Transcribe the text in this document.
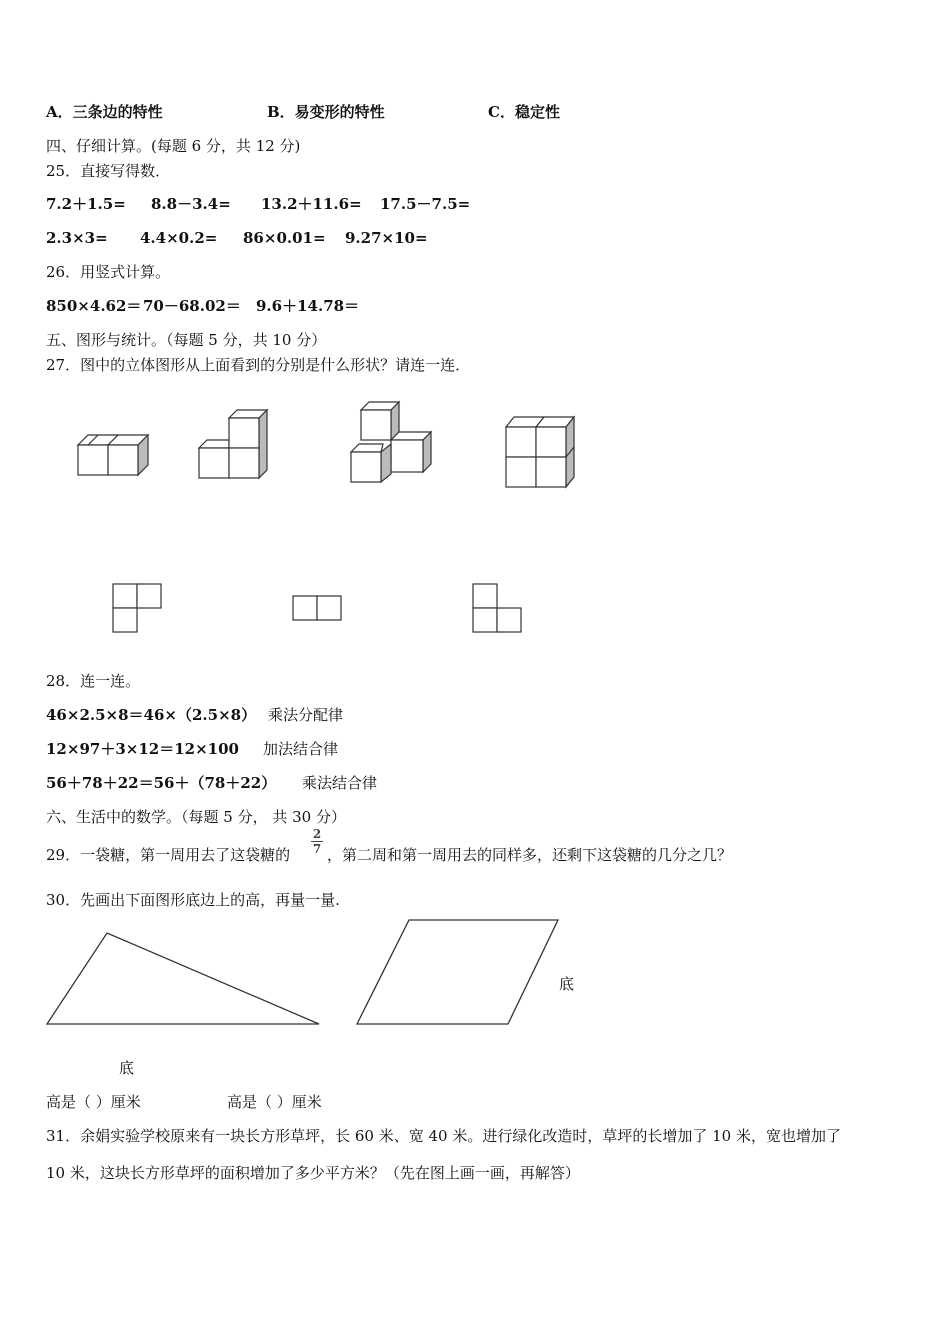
A．三条边的特性	B．易变形的特性	C．稳定性
四、仔细计算。(每题 6 分，共 12 分)
25．直接写得数．
7.2＋1.5= 8.8－3.4= 13.2＋11.6= 17.5－7.5=
2.3×3= 4.4×0.2= 86×0.01= 9.27×10=
26．用竖式计算。
850×4.62＝ 70－68.02＝ 9.6＋14.78＝
五、图形与统计。（每题 5 分，共 10 分）
27．图中的立体图形从上面看到的分别是什么形状？请连一连．
28．连一连。
46×2.5×8＝46×（2.5×8） 乘法分配律
12×97＋3×12＝12×100 加法结合律
56＋78＋22＝56＋（78＋22） 乘法结合律
六、生活中的数学。（每题 5 分， 共 30 分）
29．一袋糖，第一周用去了这袋糖的
2
7 ，第二周和第一周用去的同样多，还剩下这袋糖的几分之几？
30．先画出下面图形底边上的高，再量一量.
底
底
高是（ ）厘米	高是（ ）厘米
31．余娟实验学校原来有一块长方形草坪，长 60 米、宽 40 米。进行绿化改造时，草坪的长增加了 10 米，宽也增加了
10 米，这块长方形草坪的面积增加了多少平方米？（先在图上画一画，再解答）
